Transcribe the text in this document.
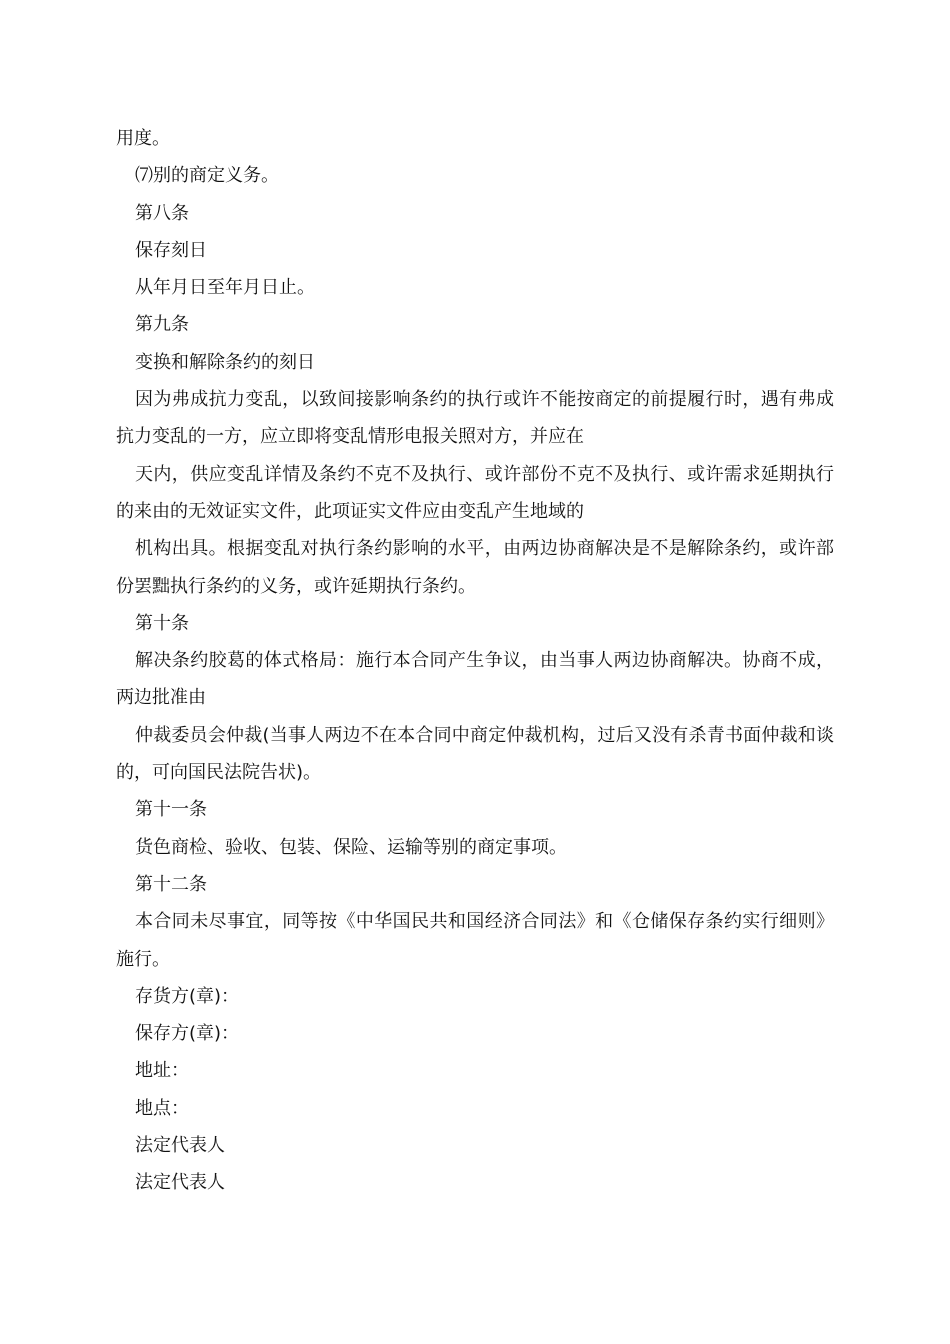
用度。

⑺别的商定义务。

第八条

保存刻日

从年月日至年月日止。

第九条

变换和解除条约的刻日

因为弗成抗力变乱，以致间接影响条约的执行或许不能按商定的前提履行时，遇有弗成抗力变乱的一方，应立即将变乱情形电报关照对方，并应在

天内，供应变乱详情及条约不克不及执行、或许部份不克不及执行、或许需求延期执行的来由的无效证实文件，此项证实文件应由变乱产生地域的

机构出具。根据变乱对执行条约影响的水平，由两边协商解决是不是解除条约，或许部份罢黜执行条约的义务，或许延期执行条约。

第十条

解决条约胶葛的体式格局：施行本合同产生争议，由当事人两边协商解决。协商不成，两边批准由

仲裁委员会仲裁(当事人两边不在本合同中商定仲裁机构，过后又没有杀青书面仲裁和谈的，可向国民法院告状)。

第十一条

货色商检、验收、包装、保险、运输等别的商定事项。

第十二条

本合同未尽事宜，同等按《中华国民共和国经济合同法》和《仓储保存条约实行细则》施行。

存货方(章)：

保存方(章)：

地址：

地点：

法定代表人

法定代表人
